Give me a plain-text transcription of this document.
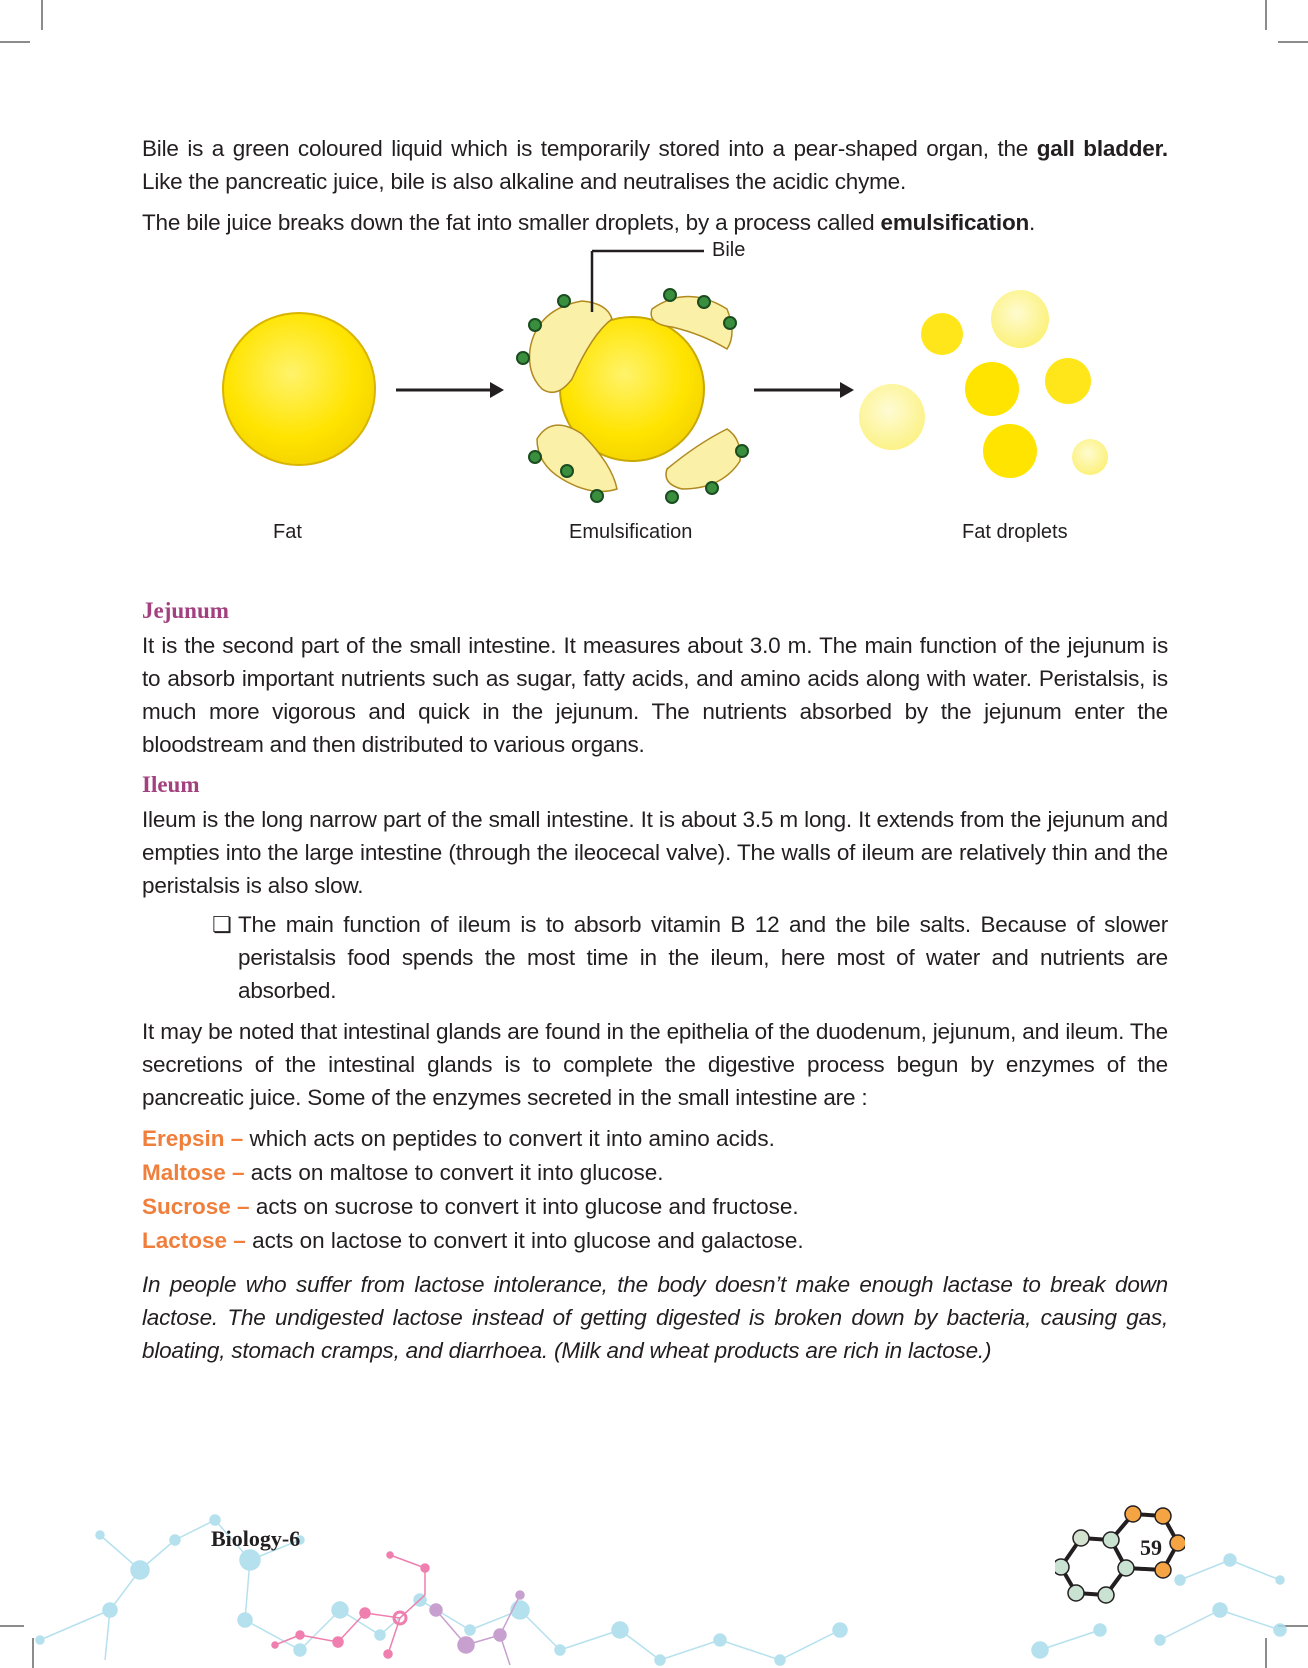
Bile is a green coloured liquid which is temporarily stored into a pear-shaped organ, the gall bladder. Like the pancreatic juice, bile is also alkaline and neutralises the acidic chyme.

The bile juice breaks down the fat into smaller droplets, by a process called emulsification.

Bile
Fat	Emulsification	Fat droplets
Jejunum

It is the second part of the small intestine. It measures about 3.0 m. The main function of the jejunum is to absorb important nutrients such as sugar, fatty acids, and amino acids along with water. Peristalsis, is much more vigorous and quick in the jejunum. The nutrients absorbed by the jejunum enter the bloodstream and then distributed to various organs.

Ileum

Ileum is the long narrow part of the small intestine. It is about 3.5 m long. It extends from the jejunum and empties into the large intestine (through the ileocecal valve). The walls of ileum are relatively thin and the peristalsis is also slow.

❏ The main function of ileum is to absorb vitamin B 12 and the bile salts. Because of slower peristalsis food spends the most time in the ileum, here most of water and nutrients are absorbed.

It may be noted that intestinal glands are found in the epithelia of the duodenum, jejunum, and ileum. The secretions of the intestinal glands is to complete the digestive process begun by enzymes of the pancreatic juice. Some of the enzymes secreted in the small intestine are :

Erepsin – which acts on peptides to convert it into amino acids.
Maltose – acts on maltose to convert it into glucose.
Sucrose – acts on sucrose to convert it into glucose and fructose.
Lactose – acts on lactose to convert it into glucose and galactose.

In people who suffer from lactose intolerance, the body doesn’t make enough lactase to break down lactose. The undigested lactose instead of getting digested is broken down by bacteria, causing gas, bloating, stomach cramps, and diarrhoea. (Milk and wheat products are rich in lactose.)

Biology-6	59
